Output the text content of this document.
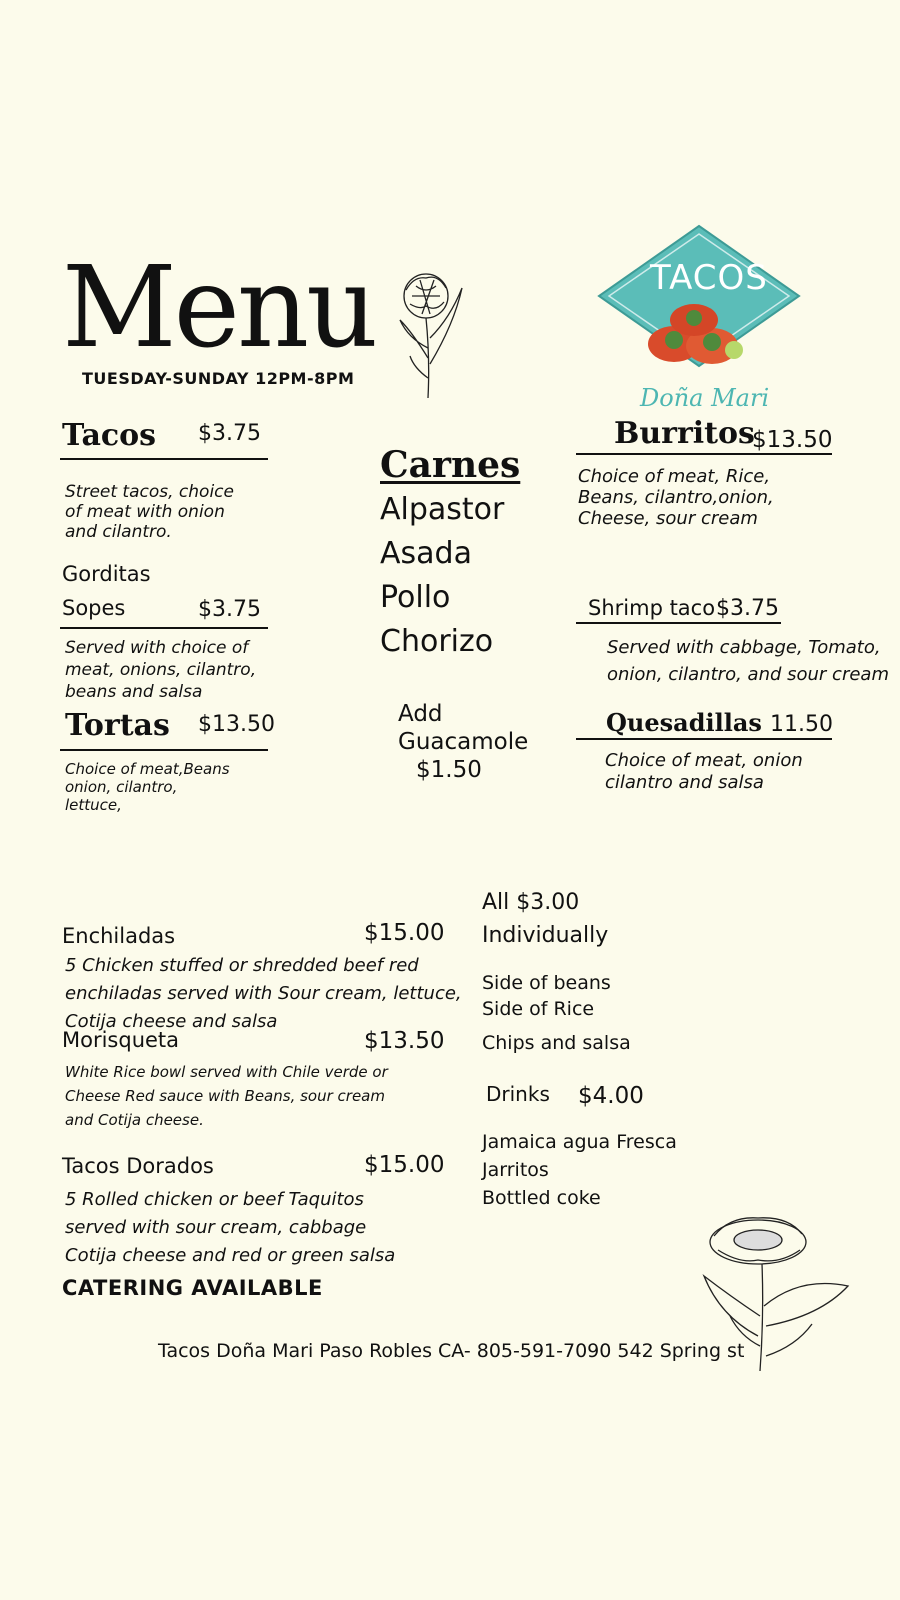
Menu
TUESDAY-SUNDAY 12PM-8PM
TACOS
Doña Mari
Tacos $3.75
Street tacos, choice
of meat with onion
and cilantro.
Gorditas
Sopes	$3.75
Served with choice of
meat, onions, cilantro,
beans and salsa
Tortas $13.50
Choice of meat,Beans
onion, cilantro,
lettuce,
Carnes
Alpastor
Asada
Pollo
Chorizo
Add
Guacamole
$1.50
Burritos
$13.50
Choice of meat, Rice,
Beans, cilantro,onion,
Cheese, sour cream
Shrimp taco $3.75
Served with cabbage, Tomato,
onion, cilantro, and sour cream
Quesadillas 11.50
Choice of meat, onion
cilantro and salsa
Enchiladas	$15.00
5 Chicken stuffed or shredded beef red
enchiladas served with Sour cream, lettuce,
Cotija cheese and salsa
Morisqueta	$13.50
White Rice bowl served with Chile verde or
Cheese Red sauce with Beans, sour cream
and Cotija cheese.
Tacos Dorados	$15.00
5 Rolled chicken or beef Taquitos
served with sour cream, cabbage
Cotija cheese and red or green salsa
CATERING AVAILABLE
All $3.00
Individually
Side of beans
Side of Rice
Chips and salsa
Drinks $4.00
Jamaica agua Fresca
Jarritos
Bottled coke
Tacos Doña Mari Paso Robles CA- 805-591-7090 542 Spring st
